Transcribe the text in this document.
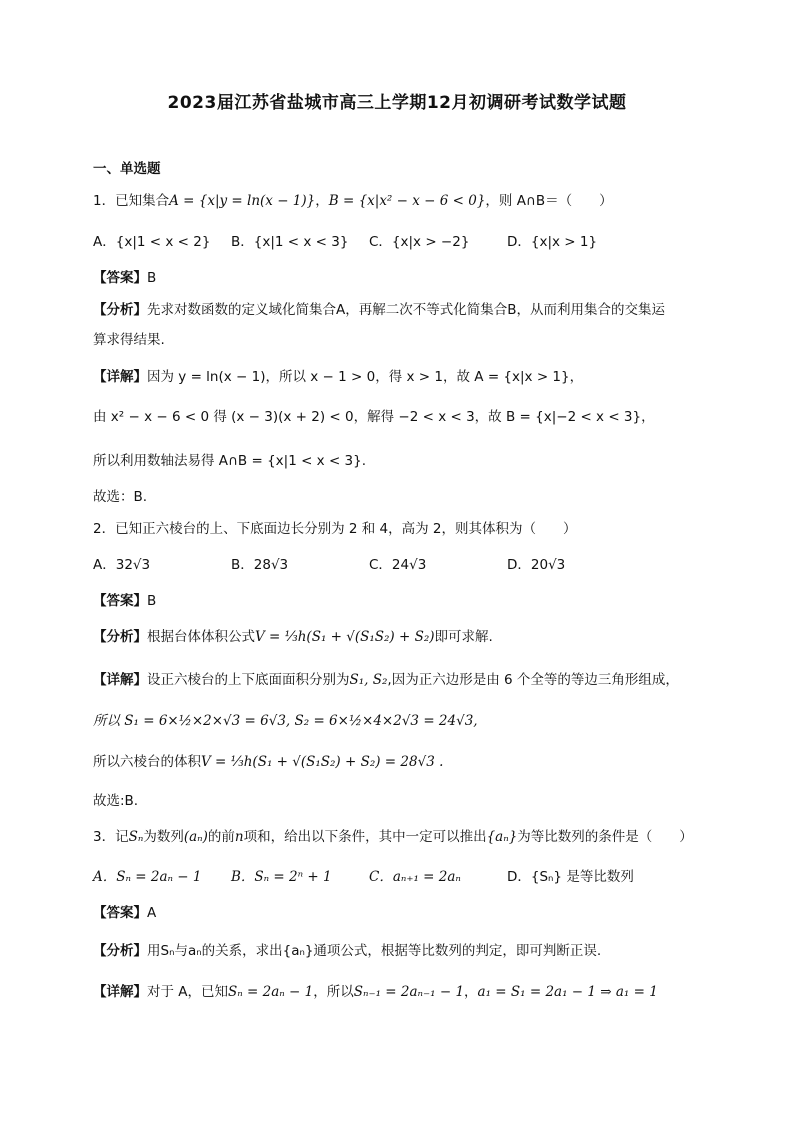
2023届江苏省盐城市高三上学期12月初调研考试数学试题
一、单选题
1．已知集合A = {x|y = ln(x − 1)}，B = {x|x² − x − 6 < 0}，则 A∩B＝（　　）
A．{x|1 < x < 2} B．{x|1 < x < 3} C．{x|x > −2}	D．{x|x > 1}
【答案】B
【分析】先求对数函数的定义域化简集合A，再解二次不等式化简集合B，从而利用集合的交集运
算求得结果.
【详解】因为 y = ln(x − 1)，所以 x − 1 > 0，得 x > 1，故 A = {x|x > 1}，
由 x² − x − 6 < 0 得 (x − 3)(x + 2) < 0，解得 −2 < x < 3，故 B = {x|−2 < x < 3}，
所以利用数轴法易得 A∩B = {x|1 < x < 3}.
故选：B.
2．已知正六棱台的上、下底面边长分别为 2 和 4，高为 2，则其体积为（　　）
A．32√3	B．28√3	C．24√3	D．20√3
【答案】B
【分析】根据台体体积公式V = ⅓h(S₁ + √(S₁S₂) + S₂)即可求解.
【详解】设正六棱台的上下底面面积分别为S₁, S₂,因为正六边形是由 6 个全等的等边三角形组成，
所以 S₁ = 6×½×2×√3 = 6√3, S₂ = 6×½×4×2√3 = 24√3,
所以六棱台的体积V = ⅓h(S₁ + √(S₁S₂) + S₂) = 28√3 .
故选:B.
3．记Sₙ为数列(aₙ)的前n项和，给出以下条件，其中一定可以推出{aₙ}为等比数列的条件是（　　）
A．Sₙ = 2aₙ − 1 B．Sₙ = 2ⁿ + 1	C．aₙ₊₁ = 2aₙ	D．{Sₙ} 是等比数列
【答案】A
【分析】用Sₙ与aₙ的关系，求出{aₙ}通项公式，根据等比数列的判定，即可判断正误.
【详解】对于 A，已知Sₙ = 2aₙ − 1，所以Sₙ₋₁ = 2aₙ₋₁ − 1，a₁ = S₁ = 2a₁ − 1 ⇒ a₁ = 1
